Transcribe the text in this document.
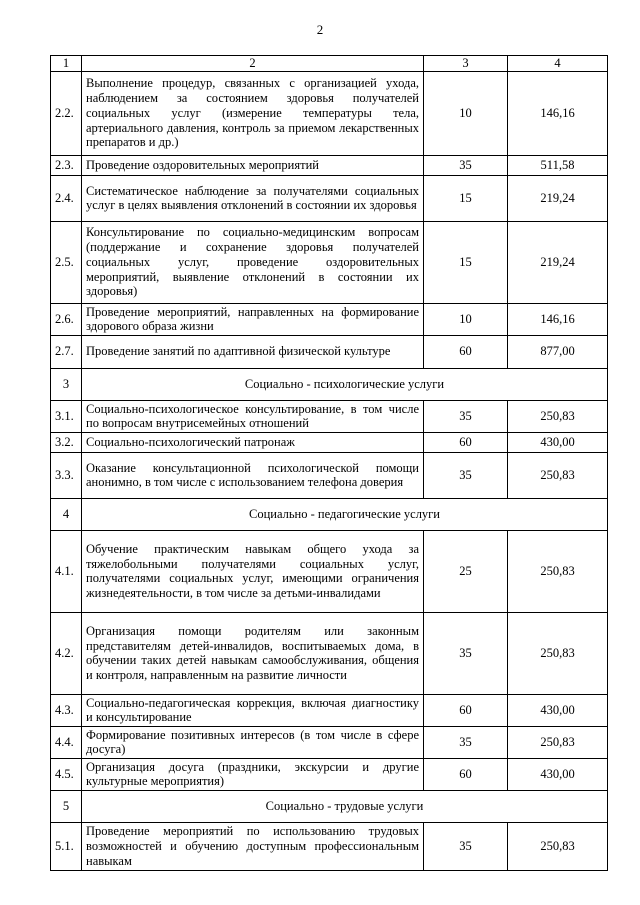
2
1	2	3	4
2.2.	Выполнение процедур, связанных с организацией ухода, наблюдением за состоянием здоровья получателей социальных услуг (измерение температуры тела, артериального давления, контроль за приемом лекарственных препаратов и др.)	10	146,16
2.3.	Проведение оздоровительных мероприятий	35	511,58
2.4.	Систематическое наблюдение за получателями социальных услуг в целях выявления отклонений в состоянии их здоровья	15	219,24
2.5.	Консультирование по социально-медицинским вопросам (поддержание и сохранение здоровья получателей социальных услуг, проведение оздоровительных мероприятий, выявление отклонений в состоянии их здоровья)	15	219,24
2.6.	Проведение мероприятий, направленных на формирование здорового образа жизни	10	146,16
2.7.	Проведение занятий по адаптивной физической культуре	60	877,00
3	Социально - психологические услуги		
3.1.	Социально-психологическое консультирование, в том числе по вопросам внутрисемейных отношений	35	250,83
3.2.	Социально-психологический патронаж	60	430,00
3.3.	Оказание консультационной психологической помощи анонимно, в том числе с использованием телефона доверия	35	250,83
4	Социально - педагогические услуги		
4.1.	Обучение практическим навыкам общего ухода за тяжелобольными получателями социальных услуг, получателями социальных услуг, имеющими ограничения жизнедеятельности, в том числе за детьми-инвалидами	25	250,83
4.2.	Организация помощи родителям или законным представителям детей-инвалидов, воспитываемых дома, в обучении таких детей навыкам самообслуживания, общения и контроля, направленным на развитие личности	35	250,83
4.3.	Социально-педагогическая коррекция, включая диагностику и консультирование	60	430,00
4.4.	Формирование позитивных интересов (в том числе в сфере досуга)	35	250,83
4.5.	Организация досуга (праздники, экскурсии и другие культурные мероприятия)	60	430,00
5	Социально - трудовые услуги		
5.1.	Проведение мероприятий по использованию трудовых возможностей и обучению доступным профессиональным навыкам	35	250,83
